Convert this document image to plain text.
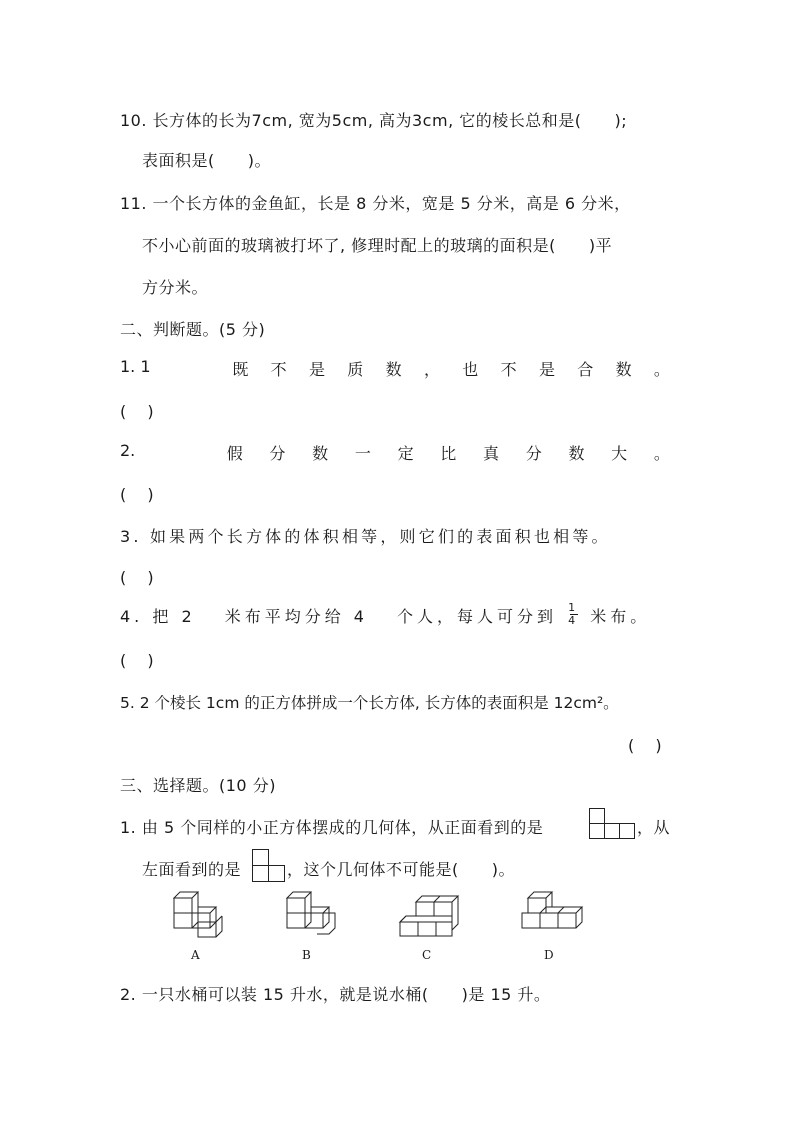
10. 长方体的长为7cm, 宽为5cm, 高为3cm, 它的棱长总和是(　　);
表面积是(　　)。
11. 一个长方体的金鱼缸，长是 8 分米，宽是 5 分米，高是 6 分米，
不小心前面的玻璃被打坏了, 修理时配上的玻璃的面积是(　　)平
方分米。
二、判断题。(5 分)
1. 1	既 不 是 质 数 ， 也 不 是 合 数 。
(　 )
2.	假 分 数 一 定 比 真 分 数 大 。
(　 )
3. 如果两个长方体的体积相等，则它们的表面积也相等。
(　 )
4. 把 2　 米布平均分给 4　 个人，每人可分到 $\frac{1}{4}$ 米布。
(　 )
5. 2 个棱长 1cm 的正方体拼成一个长方体, 长方体的表面积是 12cm²。
(　 )
三、选择题。(10 分)
1. 由 5 个同样的小正方体摆成的几何体，从正面看到的是	，从
左面看到的是	，这个几何体不可能是(　　)。
A	B	C	D
2. 一只水桶可以装 15 升水，就是说水桶(　　)是 15 升。
